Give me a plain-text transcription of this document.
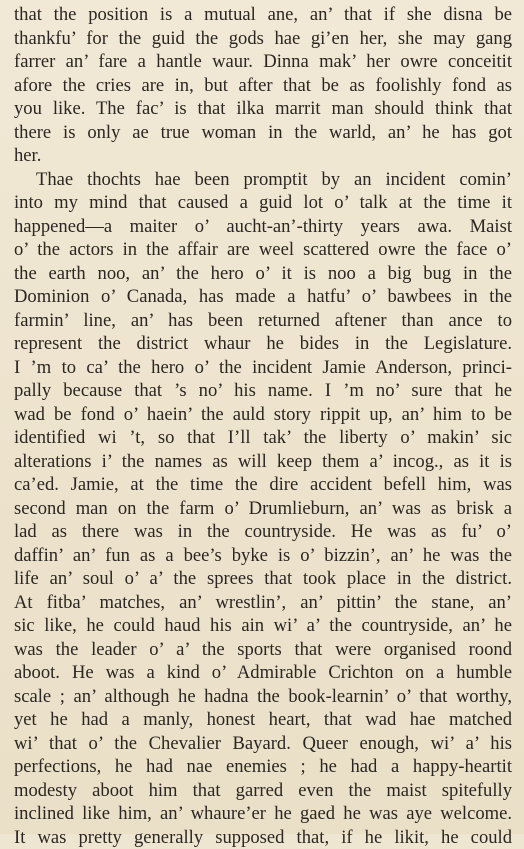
that the position is a mutual ane, an’ that if she disna be
thankfu’ for the guid the gods hae gi’en her, she may gang
farrer an’ fare a hantle waur. Dinna mak’ her owre conceitit
afore the cries are in, but after that be as foolishly fond as
you like. The fac’ is that ilka marrit man should think that
there is only ae true woman in the warld, an’ he has got
her.
Thae thochts hae been promptit by an incident comin’
into my mind that caused a guid lot o’ talk at the time it
happened—a maiter o’ aucht-an’-thirty years awa. Maist
o’ the actors in the affair are weel scattered owre the face o’
the earth noo, an’ the hero o’ it is noo a big bug in the
Dominion o’ Canada, has made a hatfu’ o’ bawbees in the
farmin’ line, an’ has been returned aftener than ance to
represent the district whaur he bides in the Legislature.
I ’m to ca’ the hero o’ the incident Jamie Anderson, princi-
pally because that ’s no’ his name. I ’m no’ sure that he
wad be fond o’ haein’ the auld story rippit up, an’ him to be
identified wi ’t, so that I’ll tak’ the liberty o’ makin’ sic
alterations i’ the names as will keep them a’ incog., as it is
ca’ed. Jamie, at the time the dire accident befell him, was
second man on the farm o’ Drumlieburn, an’ was as brisk a
lad as there was in the countryside. He was as fu’ o’
daffin’ an’ fun as a bee’s byke is o’ bizzin’, an’ he was the
life an’ soul o’ a’ the sprees that took place in the district.
At fitba’ matches, an’ wrestlin’, an’ pittin’ the stane, an’
sic like, he could haud his ain wi’ a’ the countryside, an’ he
was the leader o’ a’ the sports that were organised roond
aboot. He was a kind o’ Admirable Crichton on a humble
scale ; an’ although he hadna the book-learnin’ o’ that worthy,
yet he had a manly, honest heart, that wad hae matched
wi’ that o’ the Chevalier Bayard. Queer enough, wi’ a’ his
perfections, he had nae enemies ; he had a happy-heartit
modesty aboot him that garred even the maist spitefully
inclined like him, an’ whaure’er he gaed he was aye welcome.
It was pretty generally supposed that, if he likit, he could
